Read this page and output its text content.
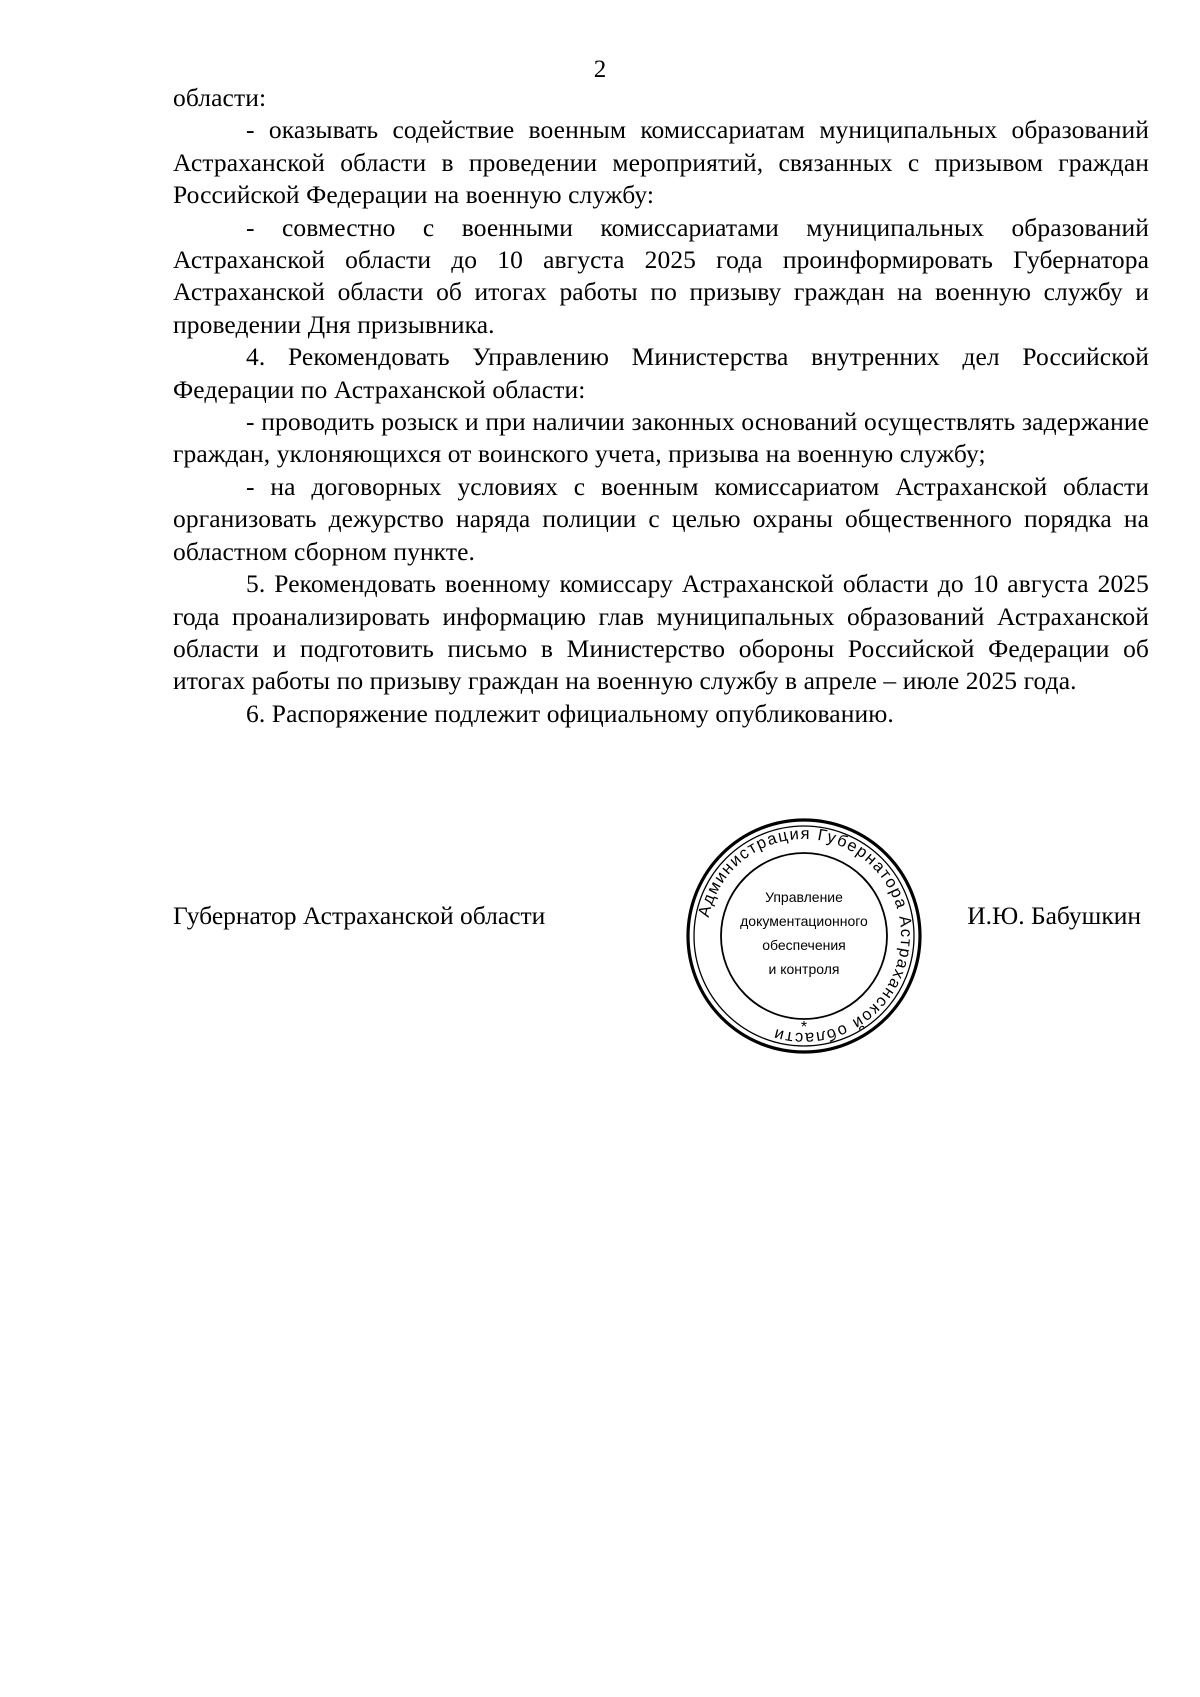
2

области:

- оказывать содействие военным комиссариатам муниципальных образований Астраханской области в проведении мероприятий, связанных с призывом граждан Российской Федерации на военную службу:

- совместно с военными комиссариатами муниципальных образований Астраханской области до 10 августа 2025 года проинформировать Губернатора Астраханской области об итогах работы по призыву граждан на военную службу и проведении Дня призывника.

4. Рекомендовать Управлению Министерства внутренних дел Российской Федерации по Астраханской области:

- проводить розыск и при наличии законных оснований осуществлять задержание граждан, уклоняющихся от воинского учета, призыва на военную службу;

- на договорных условиях с военным комиссариатом Астраханской области организовать дежурство наряда полиции с целью охраны общественного порядка на областном сборном пункте.

5. Рекомендовать военному комиссару Астраханской области до 10 августа 2025 года проанализировать информацию глав муниципальных образований Астраханской области и подготовить письмо в Министерство обороны Российской Федерации об итогах работы по призыву граждан на военную службу в апреле – июле 2025 года.

6. Распоряжение подлежит официальному опубликованию.

Губернатор Астраханской области	И.Ю. Бабушкин
Администрация Губернатора Астраханской области *
Управление
документационного
обеспечения
и контроля
